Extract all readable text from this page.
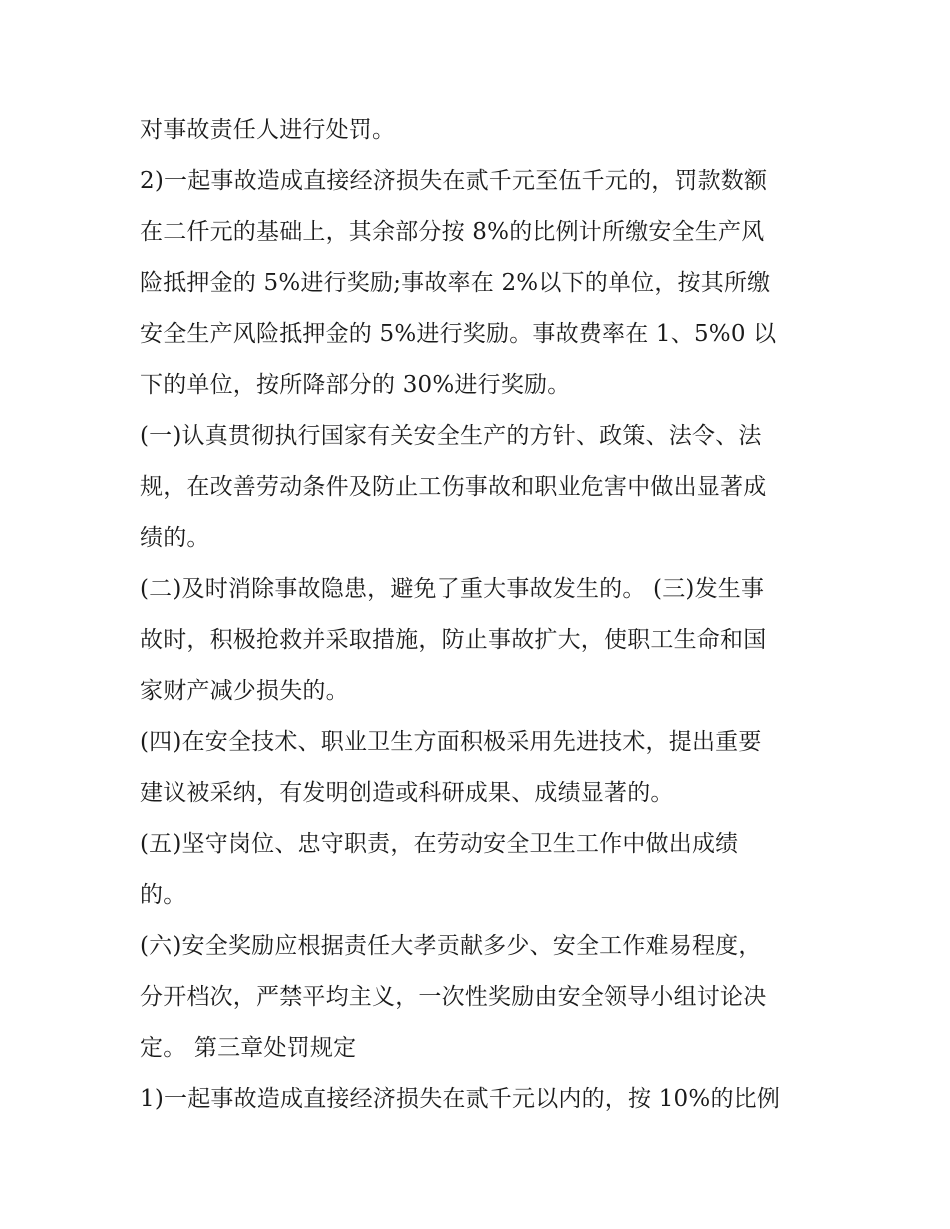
对事故责任人进行处罚。
2)一起事故造成直接经济损失在贰千元至伍千元的，罚款数额
在二仟元的基础上，其余部分按 8%的比例计所缴安全生产风
险抵押金的 5%进行奖励;事故率在 2%以下的单位，按其所缴
安全生产风险抵押金的 5%进行奖励。事故费率在 1、5%0 以
下的单位，按所降部分的 30%进行奖励。
(一)认真贯彻执行国家有关安全生产的方针、政策、法令、法
规，在改善劳动条件及防止工伤事故和职业危害中做出显著成
绩的。
(二)及时消除事故隐患，避免了重大事故发生的。 (三)发生事
故时，积极抢救并采取措施，防止事故扩大，使职工生命和国
家财产减少损失的。
(四)在安全技术、职业卫生方面积极采用先进技术，提出重要
建议被采纳，有发明创造或科研成果、成绩显著的。
(五)坚守岗位、忠守职责，在劳动安全卫生工作中做出成绩
的。
(六)安全奖励应根据责任大孝贡献多少、安全工作难易程度，
分开档次，严禁平均主义，一次性奖励由安全领导小组讨论决
定。 第三章处罚规定
1)一起事故造成直接经济损失在贰千元以内的，按 10%的比例
